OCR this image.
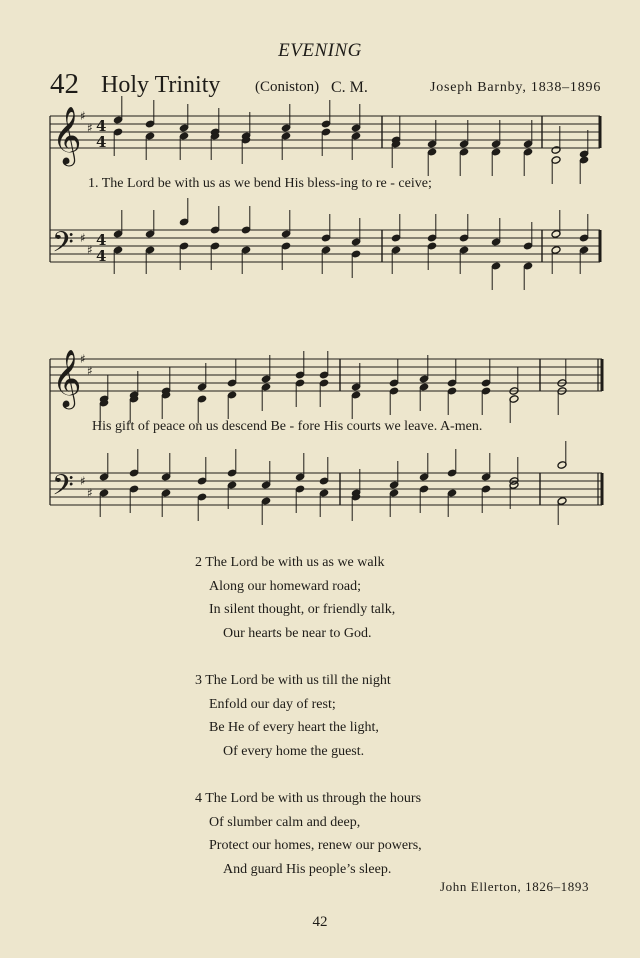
EVENING
42 Holy Trinity (Coniston) C. M.	Joseph Barnby, 1838–1896
𝄞
♯
♯ 4
4
𝄢 ♯
♯
4
4
1. The Lord be with us as we bend His bless-ing to re - ceive;
𝄞
♯
♯
𝄢 ♯
♯
His gift of peace on us descend Be - fore His courts we leave. A-men.
2 The Lord be with us as we walk
Along our homeward road;
In silent thought, or friendly talk,
Our hearts be near to God.
3 The Lord be with us till the night
Enfold our day of rest;
Be He of every heart the light,
Of every home the guest.
4 The Lord be with us through the hours
Of slumber calm and deep,
Protect our homes, renew our powers,
And guard His people’s sleep.
John Ellerton, 1826–1893
42
